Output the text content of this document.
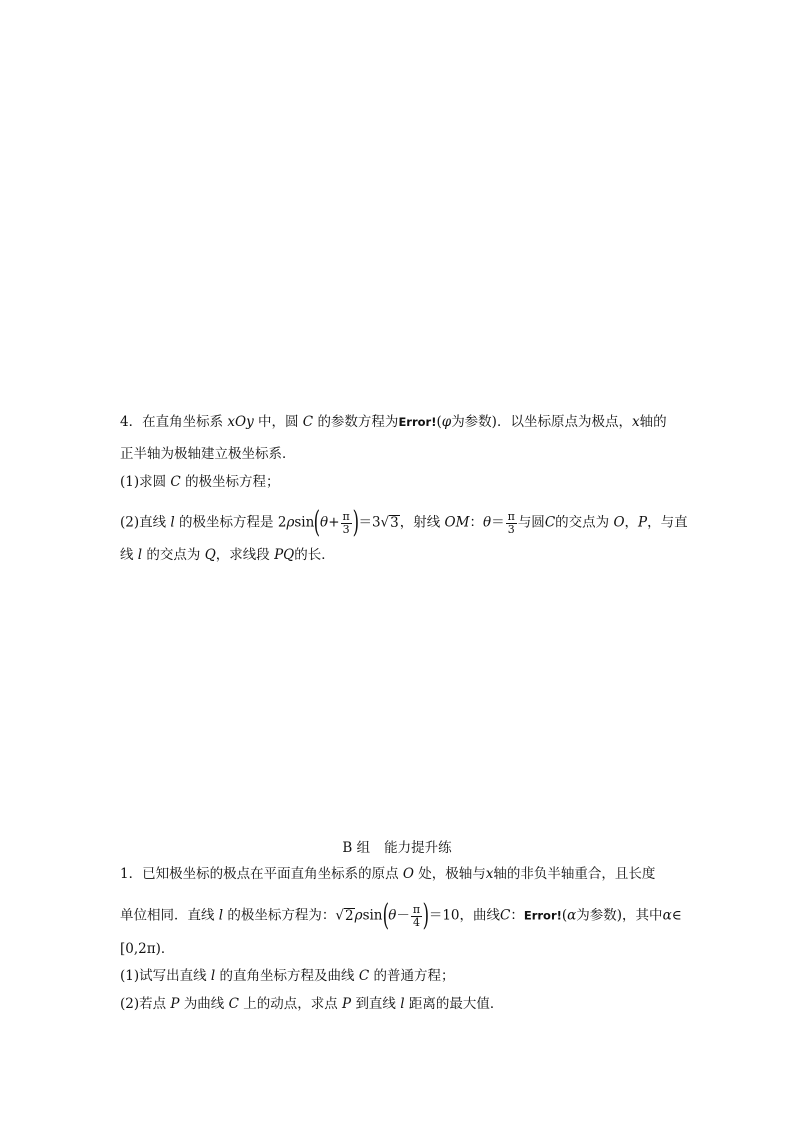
4．在直角坐标系 xOy 中，圆 C 的参数方程为Error!(φ为参数)．以坐标原点为极点，x轴的
正半轴为极轴建立极坐标系．
(1)求圆 C 的极坐标方程；
(2)直线 l 的极坐标方程是 $2\rho\sin(\theta+ \frac{\pi}{3} )=3√3$，射线 OM：$\theta= \frac{\pi}{3}$ 与圆C的交点为 O，P，与直
线 l 的交点为 Q，求线段 PQ的长．
B 组 能力提升练
1．已知极坐标的极点在平面直角坐标系的原点 O 处，极轴与x轴的非负半轴重合，且长度
单位相同．直线 l 的极坐标方程为：$√2\rho\sin(\theta- \frac{\pi}{4} )=10$，曲线C：Error!(α为参数)，其中α∈
[0,2π)．
(1)试写出直线 l 的直角坐标方程及曲线 C 的普通方程；
(2)若点 P 为曲线 C 上的动点，求点 P 到直线 l 距离的最大值．
